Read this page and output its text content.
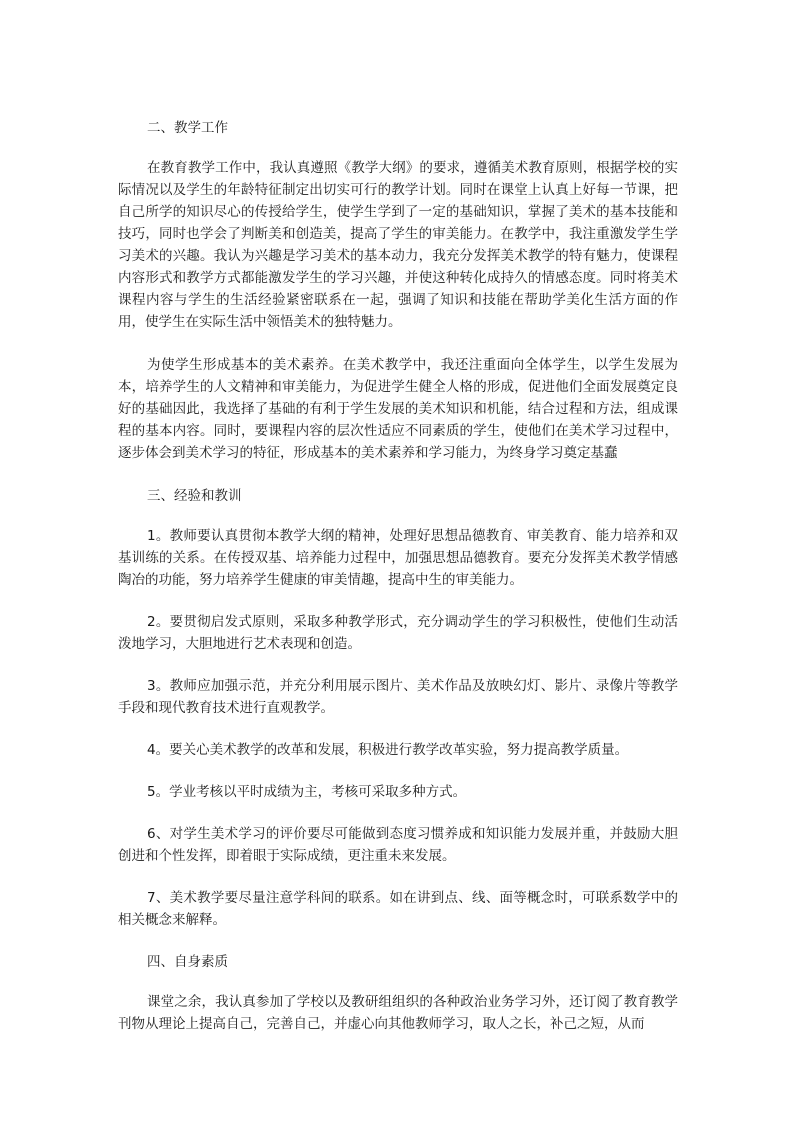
二、教学工作

在教育教学工作中，我认真遵照《教学大纲》的要求，遵循美术教育原则，根据学校的实际情况以及学生的年龄特征制定出切实可行的教学计划。同时在课堂上认真上好每一节课，把自己所学的知识尽心的传授给学生，使学生学到了一定的基础知识，掌握了美术的基本技能和技巧，同时也学会了判断美和创造美，提高了学生的审美能力。在教学中，我注重激发学生学习美术的兴趣。我认为兴趣是学习美术的基本动力，我充分发挥美术教学的特有魅力，使课程内容形式和教学方式都能激发学生的学习兴趣，并使这种转化成持久的情感态度。同时将美术课程内容与学生的生活经验紧密联系在一起，强调了知识和技能在帮助学美化生活方面的作用，使学生在实际生活中领悟美术的独特魅力。

为使学生形成基本的美术素养。在美术教学中，我还注重面向全体学生，以学生发展为本，培养学生的人文精神和审美能力，为促进学生健全人格的形成，促进他们全面发展奠定良好的基础因此，我选择了基础的有利于学生发展的美术知识和机能，结合过程和方法，组成课程的基本内容。同时，要课程内容的层次性适应不同素质的学生，使他们在美术学习过程中，逐步体会到美术学习的特征，形成基本的美术素养和学习能力，为终身学习奠定基蠢

三、经验和教训

1。教师要认真贯彻本教学大纲的精神，处理好思想品德教育、审美教育、能力培养和双基训练的关系。在传授双基、培养能力过程中，加强思想品德教育。要充分发挥美术教学情感陶冶的功能，努力培养学生健康的审美情趣，提高中生的审美能力。

2。要贯彻启发式原则，采取多种教学形式，充分调动学生的学习积极性，使他们生动活泼地学习，大胆地进行艺术表现和创造。

3。教师应加强示范，并充分利用展示图片、美术作品及放映幻灯、影片、录像片等教学手段和现代教育技术进行直观教学。

4。要关心美术教学的改革和发展，积极进行教学改革实验，努力提高教学质量。

5。学业考核以平时成绩为主，考核可采取多种方式。

6、对学生美术学习的评价要尽可能做到态度习惯养成和知识能力发展并重，并鼓励大胆创进和个性发挥，即着眼于实际成绩，更注重未来发展。

7、美术教学要尽量注意学科间的联系。如在讲到点、线、面等概念时，可联系数学中的相关概念来解释。

四、自身素质

课堂之余，我认真参加了学校以及教研组组织的各种政治业务学习外，还订阅了教育教学刊物从理论上提高自己，完善自己，并虚心向其他教师学习，取人之长，补己之短，从而
